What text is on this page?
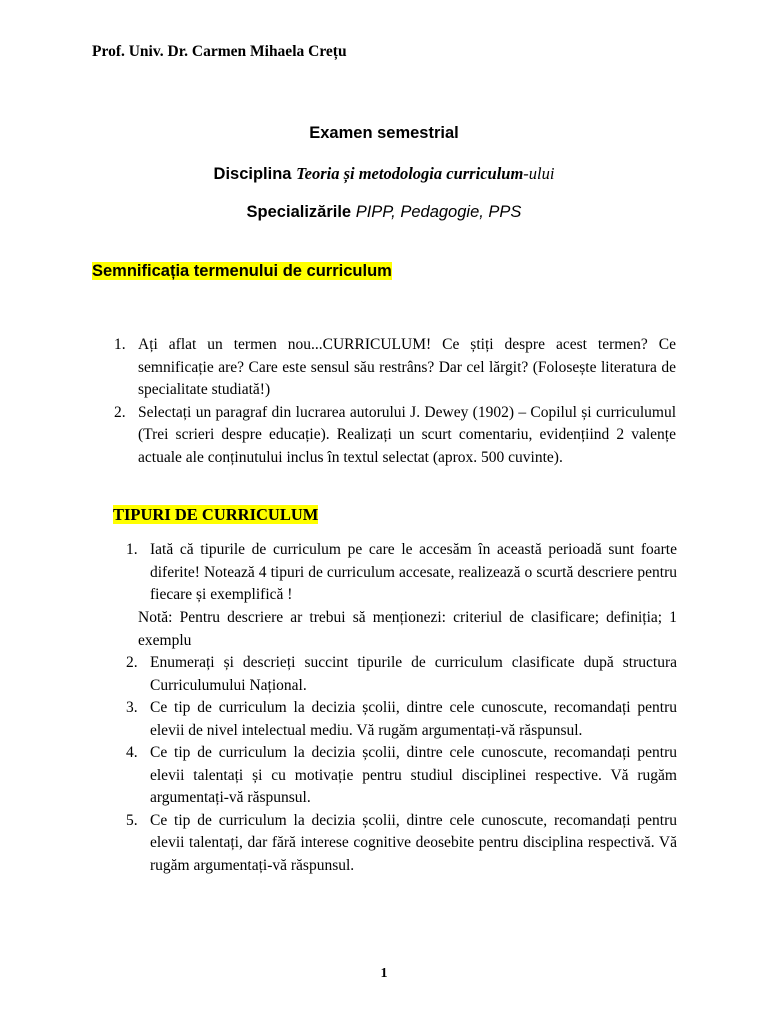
Prof. Univ. Dr. Carmen Mihaela Crețu
Examen semestrial
Disciplina Teoria și metodologia curriculum-ului
Specializările PIPP, Pedagogie, PPS
Semnificația termenului de curriculum
1. Ați aflat un termen nou...CURRICULUM! Ce știți despre acest termen? Ce semnificație are? Care este sensul său restrâns? Dar cel lărgit? (Folosește literatura de specialitate studiată!)
2. Selectați un paragraf din lucrarea autorului J. Dewey (1902) – Copilul și curriculumul (Trei scrieri despre educație). Realizați un scurt comentariu, evidențiind 2 valențe actuale ale conținutului inclus în textul selectat (aprox. 500 cuvinte).
TIPURI DE CURRICULUM
1. Iată că tipurile de curriculum pe care le accesăm în această perioadă sunt foarte diferite! Notează 4 tipuri de curriculum accesate, realizează o scurtă descriere pentru fiecare și exemplifică !
Notă: Pentru descriere ar trebui să menționezi: criteriul de clasificare; definiția; 1 exemplu
2. Enumerați și descrieți succint tipurile de curriculum clasificate după structura Curriculumului Național.
3. Ce tip de curriculum la decizia școlii, dintre cele cunoscute, recomandați pentru elevii de nivel intelectual mediu. Vă rugăm argumentați-vă răspunsul.
4. Ce tip de curriculum la decizia școlii, dintre cele cunoscute, recomandați pentru elevii talentați și cu motivație pentru studiul disciplinei respective. Vă rugăm argumentați-vă răspunsul.
5. Ce tip de curriculum la decizia școlii, dintre cele cunoscute, recomandați pentru elevii talentați, dar fără interese cognitive deosebite pentru disciplina respectivă. Vă rugăm argumentați-vă răspunsul.
1
